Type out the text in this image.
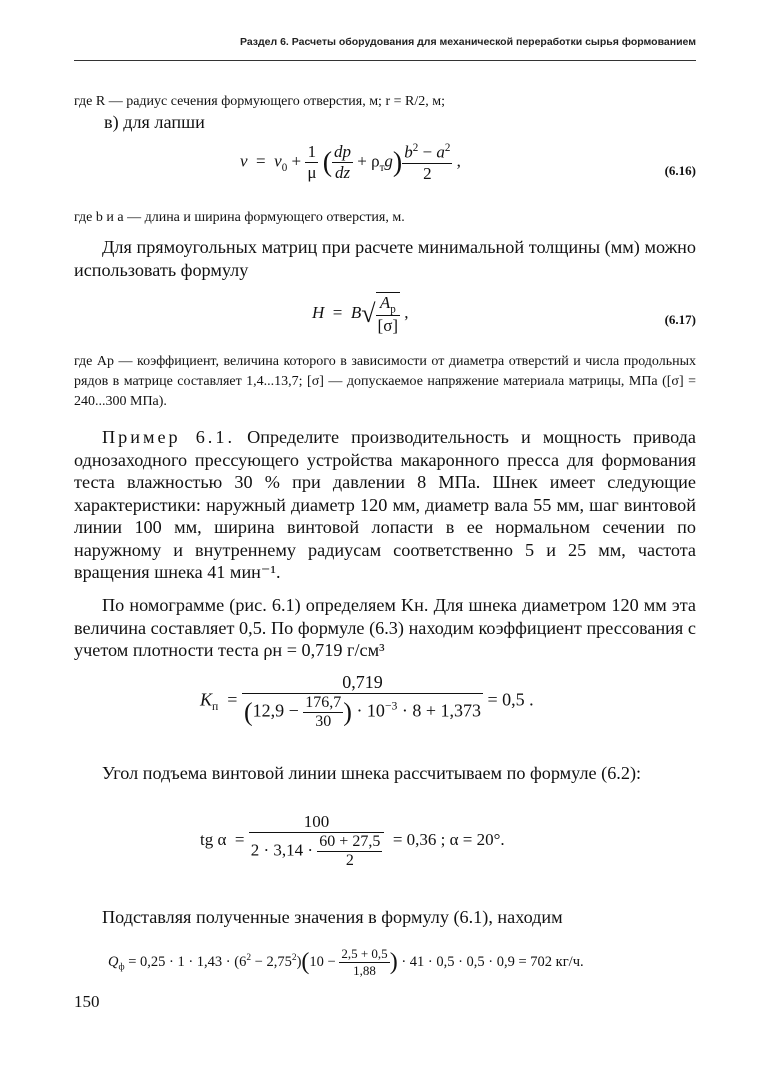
Раздел 6. Расчеты оборудования для механической переработки сырья формованием
где R — радиус сечения формующего отверстия, м; r = R/2, м;
в) для лапши
$v = v_0 + \frac{1}{\mu}$ ( $\frac{dp}{dz} + \rho_тg) \frac{b^2 - a^2}{2}$ ,	(6.16)
где b и a — длина и ширина формующего отверстия, м.
Для прямоугольных матриц при расчете минимальной толщины (мм) можно использовать формулу
$H = B√ \frac{A_р}{[\sigma]}$ ,	(6.17)
где Aр — коэффициент, величина которого в зависимости от диаметра отверстий и числа продольных рядов в матрице составляет 1,4...13,7; [σ] — допускаемое напряжение материала матрицы, МПа ([σ] = 240...300 МПа).
Пример 6.1. Определите производительность и мощность привода однозаходного прессующего устройства макаронного пресса для формования теста влажностью 30 % при давлении 8 МПа. Шнек имеет следующие характеристики: наружный диаметр 120 мм, диаметр вала 55 мм, шаг винтовой линии 100 мм, ширина винтовой лопасти в ее нормальном сечении по наружному и внутреннему радиусам соответственно 5 и 25 мм, частота вращения шнека 41 мин⁻¹.
По номограмме (рис. 6.1) определяем Kн. Для шнека диаметром 120 мм эта величина составляет 0,5. По формуле (6.3) находим коэффициент прессования с учетом плотности теста ρн = 0,719 г/см³
$K_п = \frac{0,719}{(12,9 - \frac{176,7}{30} ) \cdot 10^{-3} \cdot 8 + 1,373} = 0,5$ .
Угол подъема винтовой линии шнека рассчитываем по формуле (6.2):
tg $\alpha = \frac{100}{2 \cdot 3,14 \cdot \frac{60 + 27,5}{2}} = 0,36$ ; α = 20°.
Подставляя полученные значения в формулу (6.1), находим
$Q_ф = 0,25 \cdot 1 \cdot 1,43 \cdot (6^2 - 2,75^2)(10 - \frac{2,5 + 0,5}{1,88}$ ) · 41 · 0,5 · 0,5 · 0,9 = 702 кг/ч.
150
